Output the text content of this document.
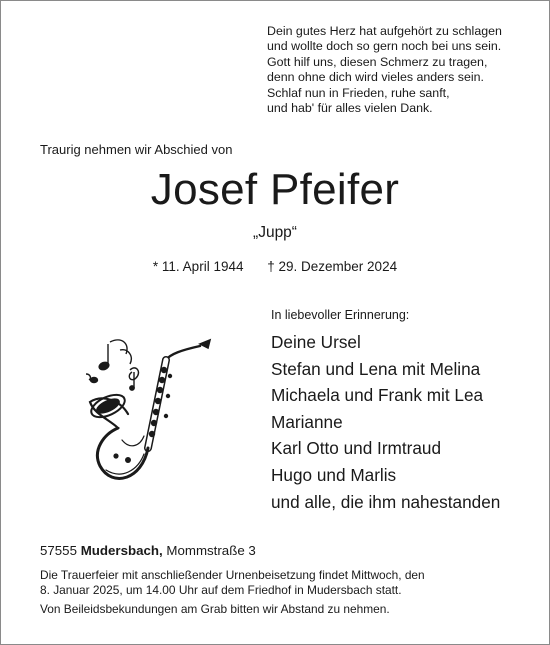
Dein gutes Herz hat aufgehört zu schlagen
und wollte doch so gern noch bei uns sein.
Gott hilf uns, diesen Schmerz zu tragen,
denn ohne dich wird vieles anders sein.
Schlaf nun in Frieden, ruhe sanft,
und hab' für alles vielen Dank.
Traurig nehmen wir Abschied von
Josef Pfeifer
„Jupp“
* 11. April 1944 † 29. Dezember 2024
In liebevoller Erinnerung:
Deine Ursel
Stefan und Lena mit Melina
Michaela und Frank mit Lea
Marianne
Karl Otto und Irmtraud
Hugo und Marlis
und alle, die ihm nahestanden
57555 Mudersbach, Mommstraße 3
Die Trauerfeier mit anschließender Urnenbeisetzung findet Mittwoch, den
8. Januar 2025, um 14.00 Uhr auf dem Friedhof in Mudersbach statt.
Von Beileidsbekundungen am Grab bitten wir Abstand zu nehmen.
